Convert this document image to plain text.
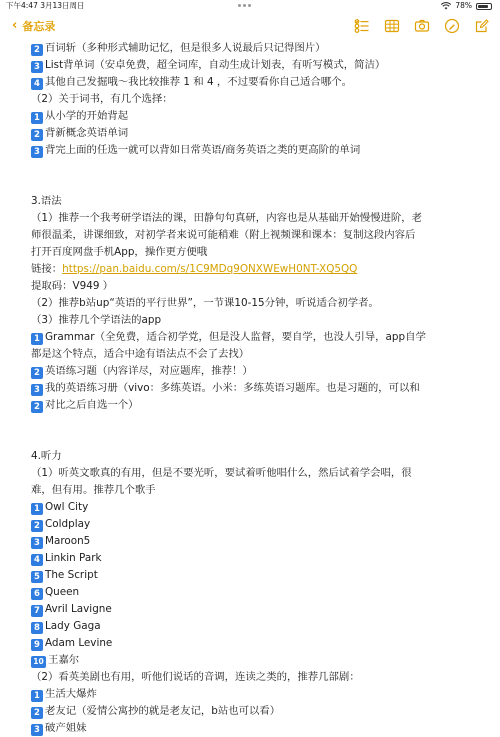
下午4:47 3月13日周日	78%
‹ 备忘录
2 百词斩（多种形式辅助记忆，但是很多人说最后只记得图片）
3 List背单词（安卓免费，超全词库，自动生成计划表，有听写模式，简洁）
4 其他自己发掘哦～我比较推荐 1 和 4 ，不过要看你自己适合哪个。
（2）关于词书，有几个选择：
1 从小学的开始背起
2 背新概念英语单词
3 背完上面的任选一就可以背如日常英语/商务英语之类的更高阶的单词
3.语法
（1）推荐一个我考研学语法的课，田静句句真研，内容也是从基础开始慢慢进阶，老
师很温柔，讲课细致，对初学者来说可能稍难（附上视频课和课本：复制这段内容后
打开百度网盘手机App，操作更方便哦
链接：https://pan.baidu.com/s/1C9MDq9ONXWEwH0NT-XQ5QQ
提取码：V949 ）
（2）推荐b站up“英语的平行世界”，一节课10-15分钟，听说适合初学者。
（3）推荐几个学语法的app
1 Grammar（全免费，适合初学党，但是没人监督，要自学，也没人引导，app自学
都是这个特点，适合中途有语法点不会了去找）
2 英语练习题（内容详尽，对应题库，推荐！）
3 我的英语练习册（vivo：多练英语。小米：多练英语习题库。也是习题的，可以和
2 对比之后自选一个）
4.听力
（1）听英文歌真的有用，但是不要光听，要试着听他唱什么，然后试着学会唱，很
难，但有用。推荐几个歌手
1 Owl City
2 Coldplay
3 Maroon5
4 Linkin Park
5 The Script
6 Queen
7 Avril Lavigne
8 Lady Gaga
9 Adam Levine
10 王嘉尔
（2）看英美剧也有用，听他们说话的音调，连读之类的，推荐几部剧：
1 生活大爆炸
2 老友记（爱情公寓抄的就是老友记，b站也可以看）
3 破产姐妹
